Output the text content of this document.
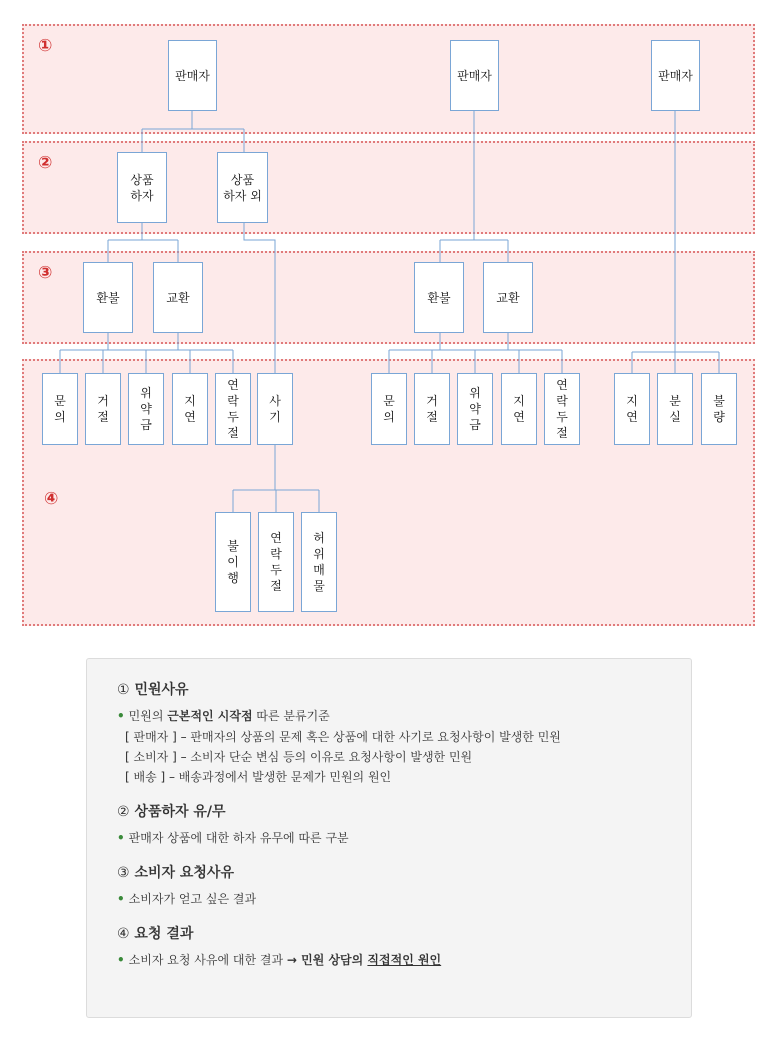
①
②
③
④
판매자	판매자	판매자
상품
하자
상품
하자 외
환불	교환	환불	교환
문
의
거
절
위
약
금
지
연
연
락
두
절
사
기
불
이
행
연
락
두
절
허
위
매
물
문
의
거
절
위
약
금
지
연
연
락
두
절
지
연
분
실
불
량
① 민원사유
• 민원의 근본적인 시작점 따른 분류기준
[ 판매자 ] – 판매자의 상품의 문제 혹은 상품에 대한 사기로 요청사항이 발생한 민원
[ 소비자 ] – 소비자 단순 변심 등의 이유로 요청사항이 발생한 민원
[ 배송 ] – 배송과정에서 발생한 문제가 민원의 원인
② 상품하자 유/무
• 판매자 상품에 대한 하자 유무에 따른 구분
③ 소비자 요청사유
• 소비자가 얻고 싶은 결과
④ 요청 결과
• 소비자 요청 사유에 대한 결과 → 민원 상담의 직접적인 원인
